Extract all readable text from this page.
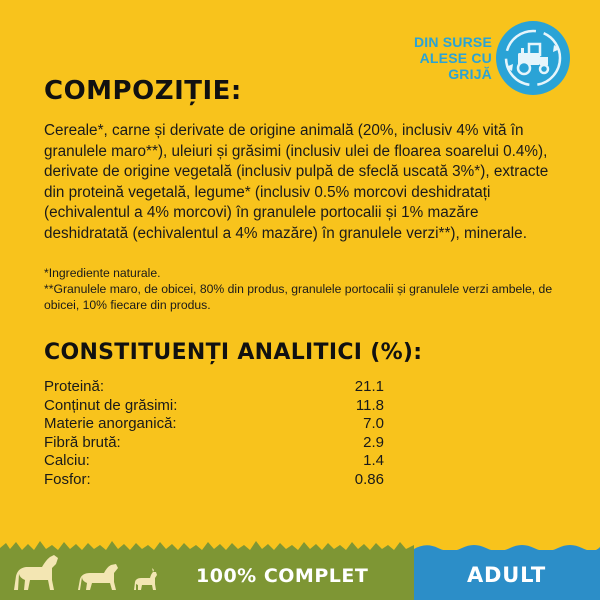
DIN SURSE
ALESE CU
GRIJĂ
COMPOZIȚIE:

Cereale*, carne și derivate de origine animală (20%, inclusiv 4% vită în granulele maro**), uleiuri și grăsimi (inclusiv ulei de floarea soarelui 0.4%), derivate de origine vegetală (inclusiv pulpă de sfeclă uscată 3%*), extracte din proteină vegetală, legume* (inclusiv 0.5% morcovi deshidratați (echivalentul a 4% morcovi) în granulele portocalii și 1% mazăre deshidratată (echivalentul a 4% mazăre) în granulele verzi**), minerale.

*Ingrediente naturale.

**Granulele maro, de obicei, 80% din produs, granulele portocalii și granulele verzi ambele, de obicei, 10% fiecare din produs.

CONSTITUENȚI ANALITICI (%):
Proteină:	21.1
Conținut de grăsimi:	11.8
Materie anorganică:	7.0
Fibră brută:	2.9
Calciu:	1.4
Fosfor:	0.86
100% COMPLET	ADULT
